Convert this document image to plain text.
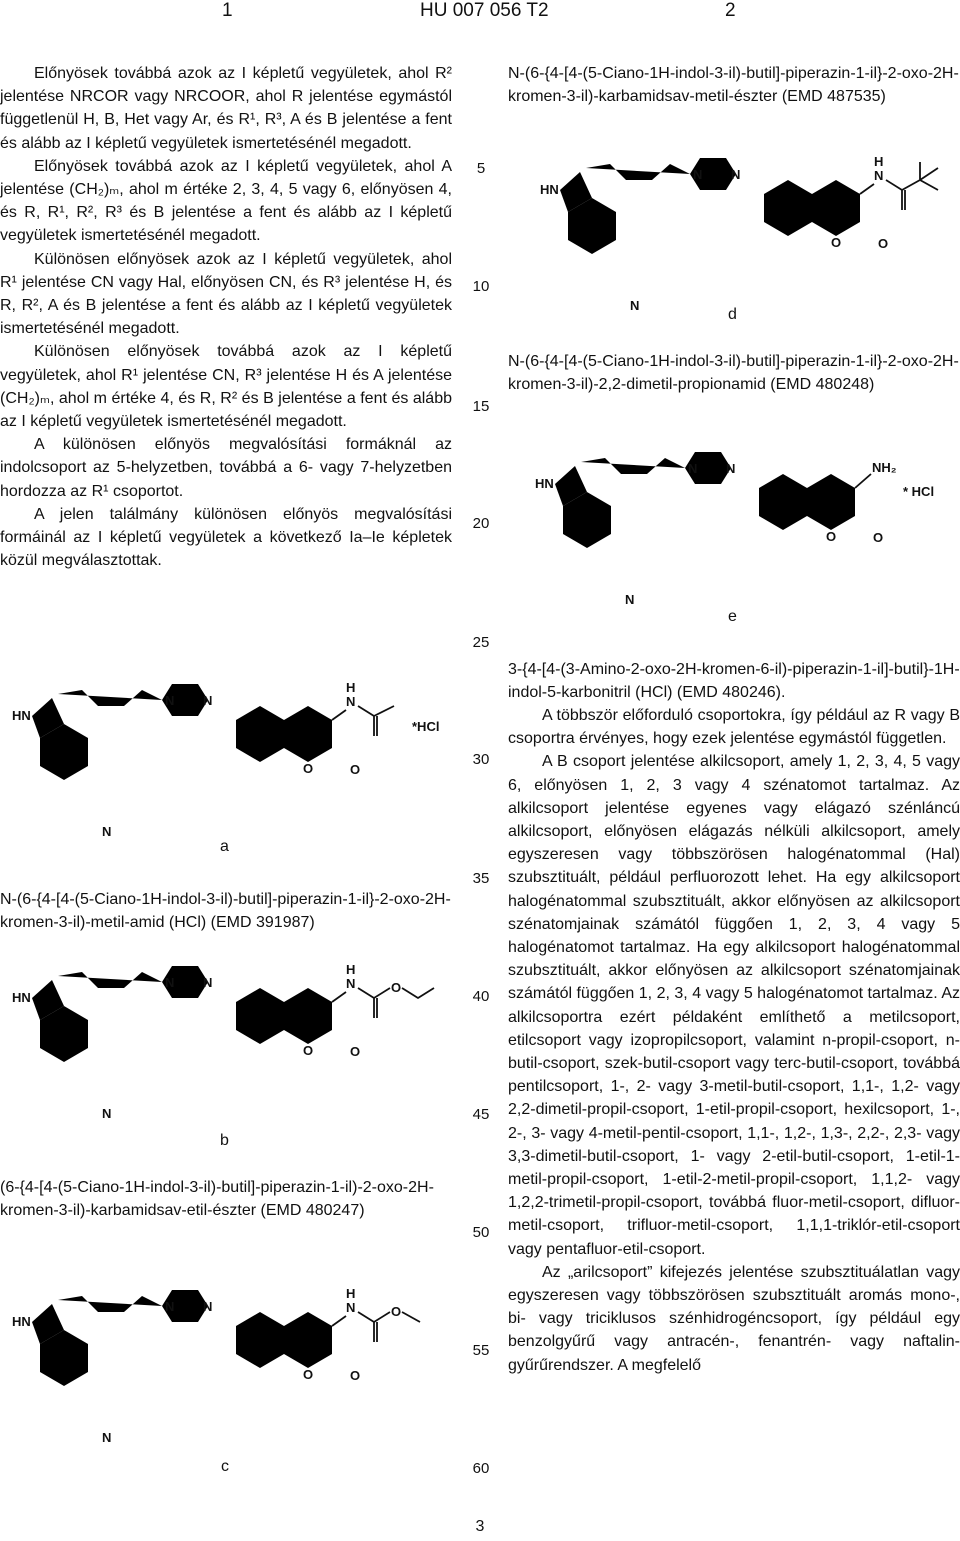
1	HU 007 056 T2	2

Előnyösek továbbá azok az I képletű vegyületek, ahol R² jelentése NRCOR vagy NRCOOR, ahol R jelentése egymástól függetlenül H, B, Het vagy Ar, és R¹, R³, A és B jelentése a fent és alább az I képletű vegyületek ismertetésénél megadott.

Előnyösek továbbá azok az I képletű vegyületek, ahol A jelentése (CH₂)ₘ, ahol m értéke 2, 3, 4, 5 vagy 6, előnyösen 4, és R, R¹, R², R³ és B jelentése a fent és alább az I képletű vegyületek ismertetésénél megadott.

Különösen előnyösek azok az I képletű vegyületek, ahol R¹ jelentése CN vagy Hal, előnyösen CN, és R³ jelentése H, és R, R², A és B jelentése a fent és alább az I képletű vegyületek ismertetésénél megadott.

Különösen előnyösek továbbá azok az I képletű vegyületek, ahol R¹ jelentése CN, R³ jelentése H és A jelentése (CH₂)ₘ, ahol m értéke 4, és R, R² és B jelentése a fent és alább az I képletű vegyületek ismertetésénél megadott.

A különösen előnyös megvalósítási formáknál az indolcsoport az 5-helyzetben, továbbá a 6- vagy 7-helyzetben hordozza az R¹ csoportot.

A jelen találmány különösen előnyös megvalósítási formáinál az I képletű vegyületek a következő Ia–Ie képletek közül megválasztottak.

5
10
15
20
25
30
35
40
45
50
55
60
HN
N
N N
O	O
H
N
*HCl
a
N-(6-{4-[4-(5-Ciano-1H-indol-3-il)-butil]-piperazin-1-il}-2-oxo-2H-kromen-3-il)-metil-amid (HCl) (EMD 391987)
HN
N
N N
O	O
H
N	O
b
(6-{4-[4-(5-Ciano-1H-indol-3-il)-butil]-piperazin-1-il)-2-oxo-2H-kromen-3-il)-karbamidsav-etil-észter (EMD 480247)
HN
N
N N
O	O
H
N	O
c
N-(6-{4-[4-(5-Ciano-1H-indol-3-il)-butil]-piperazin-1-il}-2-oxo-2H-kromen-3-il)-karbamidsav-metil-észter (EMD 487535)
HN
N
N N
O	O
H
N
d
N-(6-{4-[4-(5-Ciano-1H-indol-3-il)-butil]-piperazin-1-il}-2-oxo-2H-kromen-3-il)-2,2-dimetil-propionamid (EMD 480248)
HN
N
N N
O	O
NH₂
* HCl
e
3-{4-[4-(3-Amino-2-oxo-2H-kromen-6-il)-piperazin-1-il]-butil}-1H-indol-5-karbonitril (HCl) (EMD 480246).

A többször előforduló csoportokra, így például az R vagy B csoportra érvényes, hogy ezek jelentése egymástól független.

A B csoport jelentése alkilcsoport, amely 1, 2, 3, 4, 5 vagy 6, előnyösen 1, 2, 3 vagy 4 szénatomot tartalmaz. Az alkilcsoport jelentése egyenes vagy elágazó szénláncú alkilcsoport, előnyösen elágazás nélküli alkilcsoport, amely egyszeresen vagy többszörösen halogénatommal (Hal) szubsztituált, például perfluorozott lehet. Ha egy alkilcsoport halogénatommal szubsztituált, akkor előnyösen az alkilcsoport szénatomjainak számától függően 1, 2, 3, 4 vagy 5 halogénatomot tartalmaz. Ha egy alkilcsoport halogénatommal szubsztituált, akkor előnyösen az alkilcsoport szénatomjainak számától függően 1, 2, 3, 4 vagy 5 halogénatomot tartalmaz. Az alkilcsoportra ezért példaként említhető a metilcsoport, etilcsoport vagy izopropilcsoport, valamint n-propil-csoport, n-butil-csoport, szek-butil-csoport vagy terc-butil-csoport, továbbá pentilcsoport, 1-, 2- vagy 3-metil-butil-csoport, 1,1-, 1,2- vagy 2,2-dimetil-propil-csoport, 1-etil-propil-csoport, hexilcsoport, 1-, 2-, 3- vagy 4-metil-pentil-csoport, 1,1-, 1,2-, 1,3-, 2,2-, 2,3- vagy 3,3-dimetil-butil-csoport, 1- vagy 2-etil-butil-csoport, 1-etil-1-metil-propil-csoport, 1-etil-2-metil-propil-csoport, 1,1,2- vagy 1,2,2-trimetil-propil-csoport, továbbá fluor-metil-csoport, difluor-metil-csoport, trifluor-metil-csoport, 1,1,1-triklór-etil-csoport vagy pentafluor-etil-csoport.

Az „arilcsoport” kifejezés jelentése szubsztituálatlan vagy egyszeresen vagy többszörösen szubsztituált aromás mono-, bi- vagy triciklusos szénhidrogéncsoport, így például egy benzolgyűrű vagy antracén-, fenantrén- vagy naftalin-gyűrűrendszer. A megfelelő

3
